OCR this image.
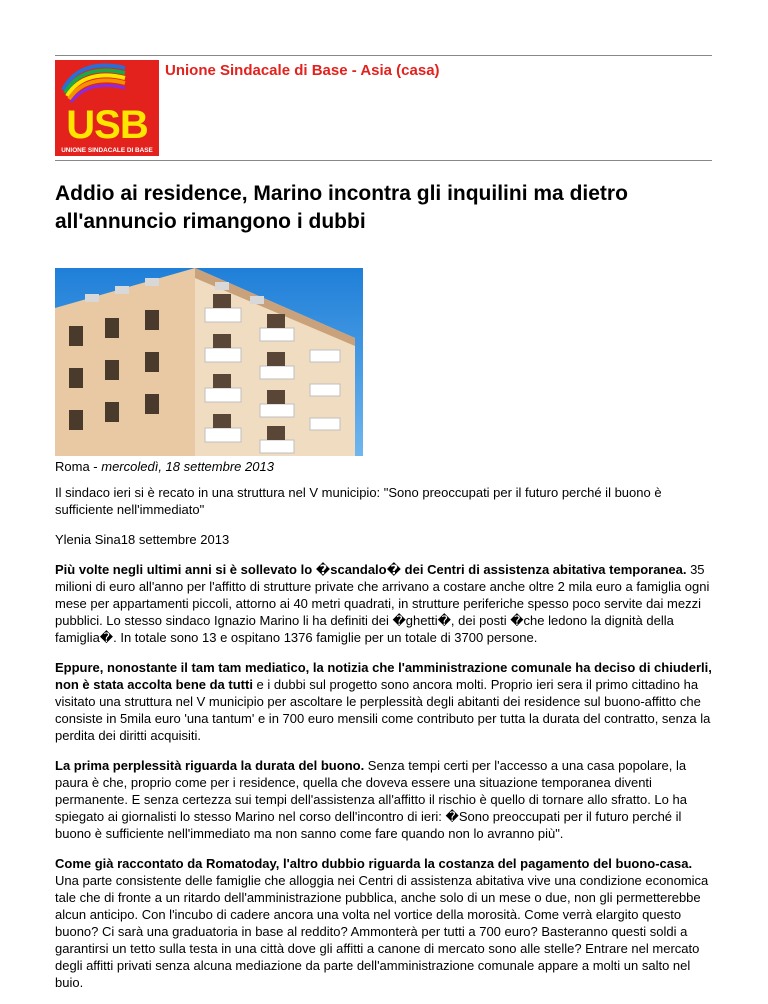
USB
UNIONE SINDACALE DI BASE
Unione Sindacale di Base - Asia (casa)
Addio ai residence, Marino incontra gli inquilini ma dietro all'annuncio rimangono i dubbi
Roma - mercoledì, 18 settembre 2013

Il sindaco ieri si è recato in una struttura nel V municipio: "Sono preoccupati per il futuro perché il buono è sufficiente nell'immediato"

Ylenia Sina18 settembre 2013

Più volte negli ultimi anni si è sollevato lo �scandalo� dei Centri di assistenza abitativa temporanea. 35 milioni di euro all'anno per l'affitto di strutture private che arrivano a costare anche oltre 2 mila euro a famiglia ogni mese per appartamenti piccoli, attorno ai 40 metri quadrati, in strutture periferiche spesso poco servite dai mezzi pubblici. Lo stesso sindaco Ignazio Marino li ha definiti dei �ghetti�, dei posti �che ledono la dignità della famiglia�. In totale sono 13 e ospitano 1376 famiglie per un totale di 3700 persone.

Eppure, nonostante il tam tam mediatico, la notizia che l'amministrazione comunale ha deciso di chiuderli, non è stata accolta bene da tutti e i dubbi sul progetto sono ancora molti. Proprio ieri sera il primo cittadino ha visitato una struttura nel V municipio per ascoltare le perplessità degli abitanti dei residence sul buono-affitto che consiste in 5mila euro 'una tantum' e in 700 euro mensili come contributo per tutta la durata del contratto, senza la perdita dei diritti acquisiti.

La prima perplessità riguarda la durata del buono. Senza tempi certi per l'accesso a una casa popolare, la paura è che, proprio come per i residence, quella che doveva essere una situazione temporanea diventi permanente. E senza certezza sui tempi dell'assistenza all'affitto il rischio è quello di tornare allo sfratto. Lo ha spiegato ai giornalisti lo stesso Marino nel corso dell'incontro di ieri: �Sono preoccupati per il futuro perché il buono è sufficiente nell'immediato ma non sanno come fare quando non lo avranno più".

Come già raccontato da Romatoday, l'altro dubbio riguarda la costanza del pagamento del buono-casa. Una parte consistente delle famiglie che alloggia nei Centri di assistenza abitativa vive una condizione economica tale che di fronte a un ritardo dell'amministrazione pubblica, anche solo di un mese o due, non gli permetterebbe alcun anticipo. Con l'incubo di cadere ancora una volta nel vortice della morosità. Come verrà elargito questo buono? Ci sarà una graduatoria in base al reddito? Ammonterà per tutti a 700 euro? Basteranno questi soldi a garantirsi un tetto sulla testa in una città dove gli affitti a canone di mercato sono alle stelle? Entrare nel mercato degli affitti privati senza alcuna mediazione da parte dell'amministrazione comunale appare a molti un salto nel buio.
